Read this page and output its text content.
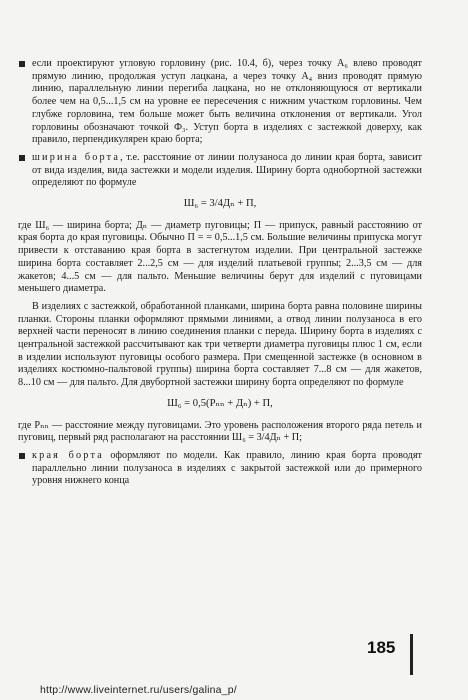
если проектируют угловую горловину (рис. 10.4, б), через точку А₆ влево проводят прямую линию, продолжая уступ лацкана, а через точку А₄ вниз проводят прямую линию, параллельную линии перегиба лацкана, но не отклоняющуюся от вертикали более чем на 0,5...1,5 см на уровне ее пересечения с нижним участком горловины. Чем глубже горловина, тем больше может быть величина отклонения от вертикали. Угол горловины обозначают точкой Ф₃. Уступ борта в изделиях с застежкой доверху, как правило, перпендикулярен краю борта;

ширина борта, т.е. расстояние от линии полузаноса до линии края борта, зависит от вида изделия, вида застежки и модели изделия. Ширину борта однобортной застежки определяют по формуле

Ш₆ = 3/4Дₙ + П,

где Ш₆ — ширина борта; Дₙ — диаметр пуговицы; П — припуск, равный расстоянию от края борта до края пуговицы. Обычно П = = 0,5...1,5 см. Большие величины припуска могут привести к отставанию края борта в застегнутом изделии. При центральной застежке ширина борта составляет 2...2,5 см — для изделий платьевой группы; 2...3,5 см — для жакетов; 4...5 см — для пальто. Меньшие величины берут для изделий с пуговицами меньшего диаметра.

В изделиях с застежкой, обработанной планками, ширина борта равна половине ширины планки. Стороны планки оформляют прямыми линиями, а отвод линии полузаноса в его верхней части переносят в линию соединения планки с переда. Ширину борта в изделиях с центральной застежкой рассчитывают как три четверти диаметра пуговицы плюс 1 см, если в изделии используют пуговицы особого размера. При смещенной застежке (в основном в изделиях костюмно-пальтовой группы) ширина борта составляет 7...8 см — для жакетов, 8...10 см — для пальто. Для двубортной застежки ширину борта определяют по формуле

Ш₆ = 0,5(Рₙₙ + Дₙ) + П,

где Рₙₙ — расстояние между пуговицами. Это уровень расположения второго ряда петель и пуговиц, первый ряд располагают на расстоянии Ш₆ = 3/4Дₙ + П;

края борта оформляют по модели. Как правило, линию края борта проводят параллельно линии полузаноса в изделиях с закрытой застежкой или до примерного уровня нижнего конца

185
http://www.liveinternet.ru/users/galina_p/
